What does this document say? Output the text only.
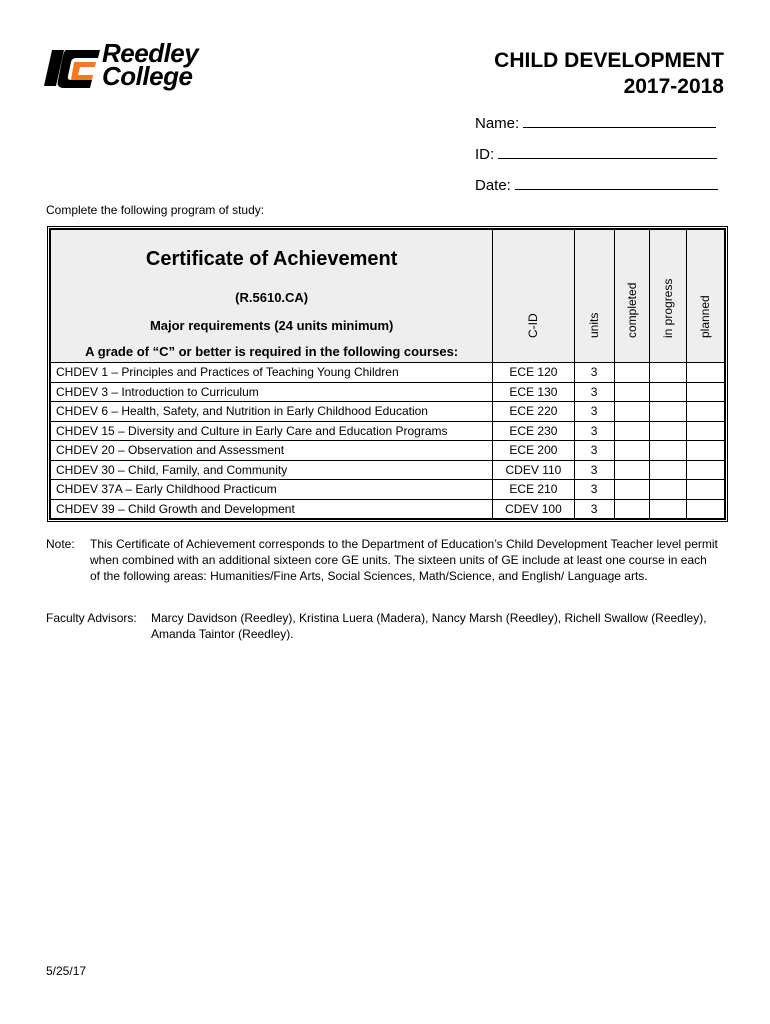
Reedley
College
CHILD DEVELOPMENT
2017-2018
Name:
ID:
Date:
Complete the following program of study:
Certificate of Achievement
(R.5610.CA)
Major requirements (24 units minimum)
A grade of “C” or better is required in the following courses:	C-ID	units	completed	in progress	planned

CHDEV 1 – Principles and Practices of Teaching Young Children	ECE 120	3			
CHDEV 3 – Introduction to Curriculum	ECE 130	3			
CHDEV 6 – Health, Safety, and Nutrition in Early Childhood Education	ECE 220	3			
CHDEV 15 – Diversity and Culture in Early Care and Education Programs	ECE 230	3			
CHDEV 20 – Observation and Assessment	ECE 200	3			
CHDEV 30 – Child, Family, and Community	CDEV 110	3			
CHDEV 37A – Early Childhood Practicum	ECE 210	3			
CHDEV 39 – Child Growth and Development	CDEV 100	3			
Note: This Certificate of Achievement corresponds to the Department of Education’s Child Development Teacher level permit when combined with an additional sixteen core GE units. The sixteen units of GE include at least one course in each of the following areas: Humanities/Fine Arts, Social Sciences, Math/Science, and English/ Language arts.
Faculty Advisors: Marcy Davidson (Reedley), Kristina Luera (Madera), Nancy Marsh (Reedley), Richell Swallow (Reedley), Amanda Taintor (Reedley).
5/25/17
